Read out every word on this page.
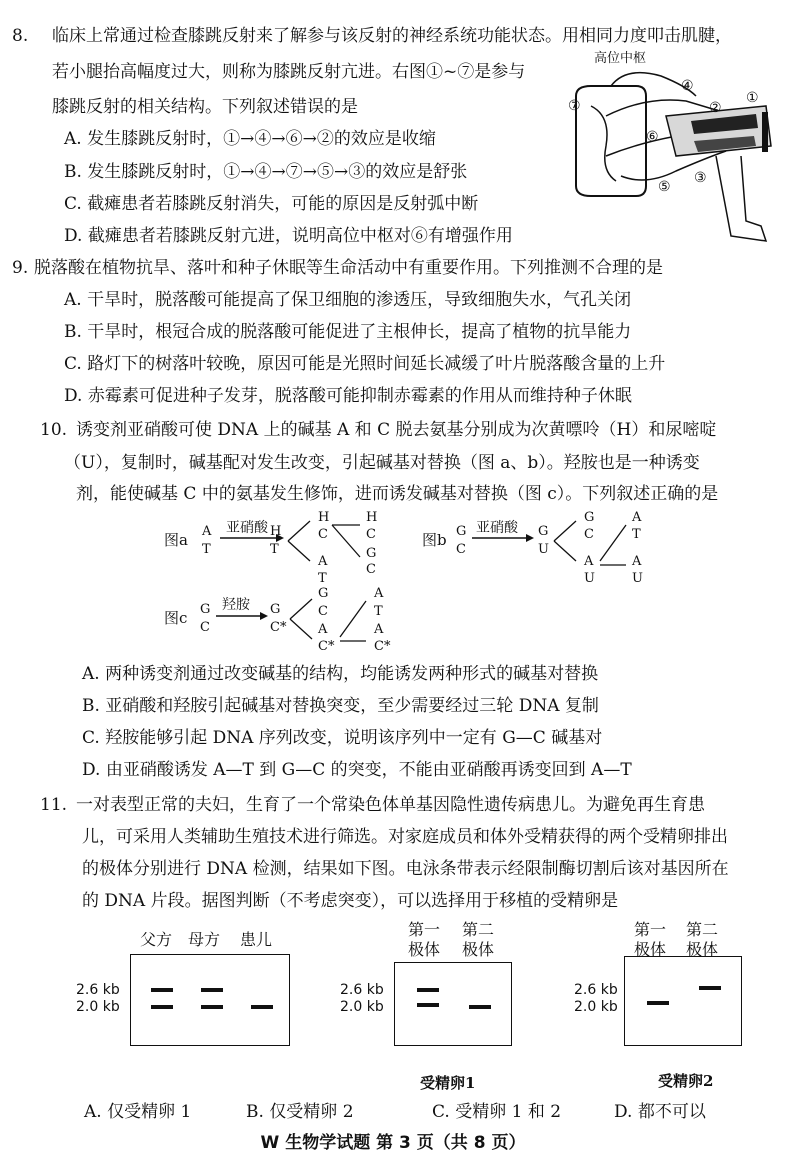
8. 临床上常通过检查膝跳反射来了解参与该反射的神经系统功能状态。用相同力度叩击肌腱，
若小腿抬高幅度过大，则称为膝跳反射亢进。右图①~⑦是参与
膝跳反射的相关结构。下列叙述错误的是
A. 发生膝跳反射时，①→④→⑥→②的效应是收缩
B. 发生膝跳反射时，①→④→⑦→⑤→③的效应是舒张
C. 截瘫患者若膝跳反射消失，可能的原因是反射弧中断
D. 截瘫患者若膝跳反射亢进，说明高位中枢对⑥有增强作用
高位中枢
④
②
①
⑥
③
⑤
⑦
9. 脱落酸在植物抗旱、落叶和种子休眠等生命活动中有重要作用。下列推测不合理的是
A. 干旱时，脱落酸可能提高了保卫细胞的渗透压，导致细胞失水，气孔关闭
B. 干旱时，根冠合成的脱落酸可能促进了主根伸长，提高了植物的抗旱能力
C. 路灯下的树落叶较晚，原因可能是光照时间延长减缓了叶片脱落酸含量的上升
D. 赤霉素可促进种子发芽，脱落酸可能抑制赤霉素的作用从而维持种子休眠
10. 诱变剂亚硝酸可使 DNA 上的碱基 A 和 C 脱去氨基分别成为次黄嘌呤（H）和尿嘧啶
（U），复制时，碱基配对发生改变，引起碱基对替换（图 a、b）。羟胺也是一种诱变
剂，能使碱基 C 中的氨基发生修饰，进而诱发碱基对替换（图 c）。下列叙述正确的是
图a A
T
亚硝酸 H
T
H
C
A
T
H
C
G
C
图b G
C
亚硝酸 G
U
G
C
A
U
A
T
A
U
图c G
C
羟胺 G
C*
G
C
A
C*
A
T
A
C*
A. 两种诱变剂通过改变碱基的结构，均能诱发两种形式的碱基对替换
B. 亚硝酸和羟胺引起碱基对替换突变，至少需要经过三轮 DNA 复制
C. 羟胺能够引起 DNA 序列改变，说明该序列中一定有 G—C 碱基对
D. 由亚硝酸诱发 A—T 到 G—C 的突变，不能由亚硝酸再诱变回到 A—T
11. 一对表型正常的夫妇，生育了一个常染色体单基因隐性遗传病患儿。为避免再生育患
儿，可采用人类辅助生殖技术进行筛选。对家庭成员和体外受精获得的两个受精卵排出
的极体分别进行 DNA 检测，结果如下图。电泳条带表示经限制酶切割后该对基因所在
的 DNA 片段。据图判断（不考虑突变），可以选择用于移植的受精卵是
父方 母方 患儿
2.6 kb
2.0 kb
第一
极体
第二
极体
2.6 kb
2.0 kb
受精卵1
第一
极体
第二
极体
2.6 kb
2.0 kb
受精卵2
A. 仅受精卵 1	B. 仅受精卵 2	C. 受精卵 1 和 2	D. 都不可以
W 生物学试题 第 3 页（共 8 页）
